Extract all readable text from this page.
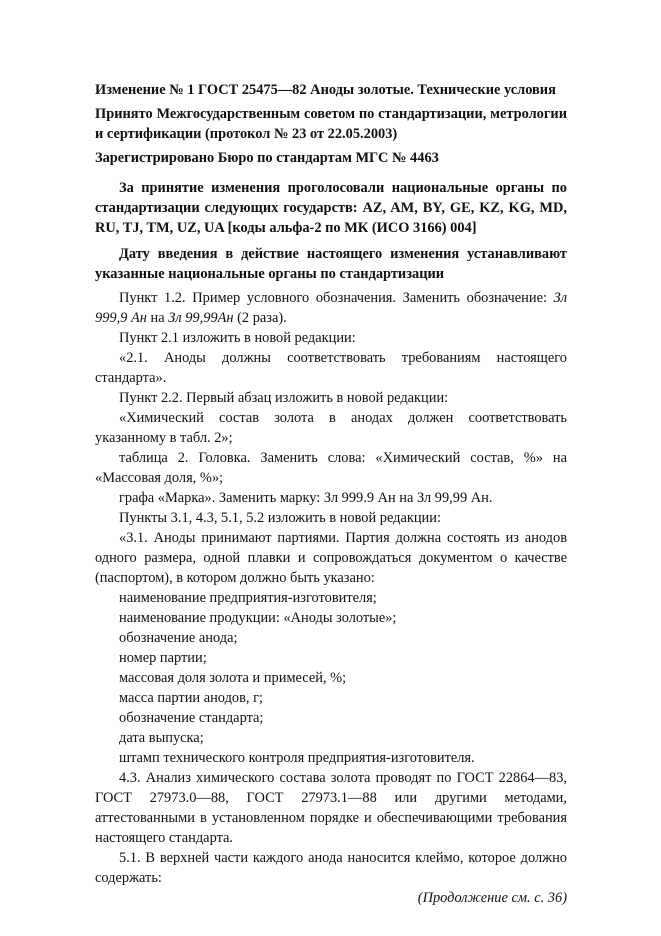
Изменение № 1 ГОСТ 25475—82 Аноды золотые. Технические условия

Принято Межгосударственным советом по стандартизации, метрологии и сертификации (протокол № 23 от 22.05.2003)

Зарегистрировано Бюро по стандартам МГС № 4463

За принятие изменения проголосовали национальные органы по стандартизации следующих государств: AZ, AM, BY, GE, KZ, KG, MD, RU, TJ, TM, UZ, UA [коды альфа-2 по МК (ИСО 3166) 004]

Дату введения в действие настоящего изменения устанавливают указанные национальные органы по стандартизации

Пункт 1.2. Пример условного обозначения. Заменить обозначение: Зл 999,9 Ан на Зл 99,99Ан (2 раза).

Пункт 2.1 изложить в новой редакции:

«2.1. Аноды должны соответствовать требованиям настоящего стандарта».

Пункт 2.2. Первый абзац изложить в новой редакции:

«Химический состав золота в анодах должен соответствовать указанному в табл. 2»;

таблица 2. Головка. Заменить слова: «Химический состав, %» на «Массовая доля, %»;

графа «Марка». Заменить марку: Зл 999.9 Ан на Зл 99,99 Ан.

Пункты 3.1, 4.3, 5.1, 5.2 изложить в новой редакции:

«3.1. Аноды принимают партиями. Партия должна состоять из анодов одного размера, одной плавки и сопровождаться документом о качестве (паспортом), в котором должно быть указано:

наименование предприятия-изготовителя;

наименование продукции: «Аноды золотые»;

обозначение анода;

номер партии;

массовая доля золота и примесей, %;

масса партии анодов, г;

обозначение стандарта;

дата выпуска;

штамп технического контроля предприятия-изготовителя.

4.3. Анализ химического состава золота проводят по ГОСТ 22864—83, ГОСТ 27973.0—88, ГОСТ 27973.1—88 или другими методами, аттестованными в установленном порядке и обеспечивающими требования настоящего стандарта.

5.1. В верхней части каждого анода наносится клеймо, которое должно содержать:

(Продолжение см. с. 36)
